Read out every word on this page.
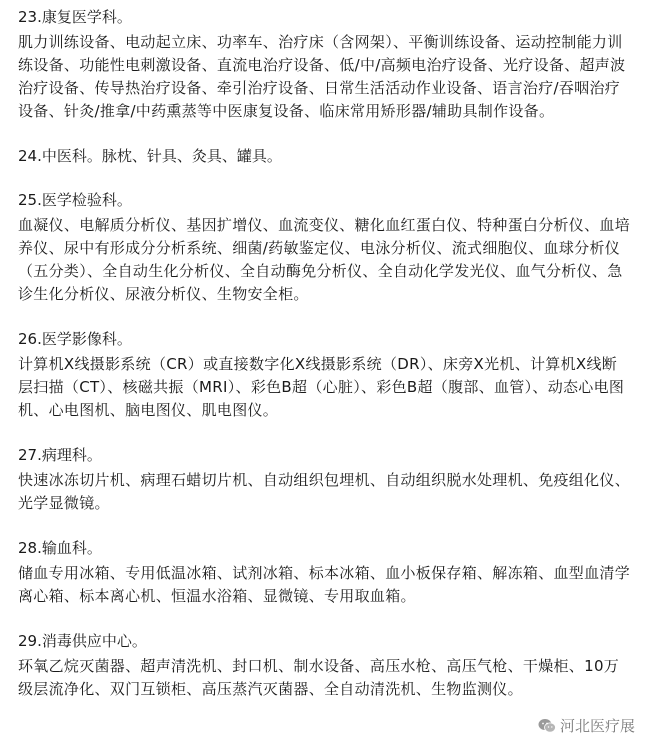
23.康复医学科。

肌力训练设备、电动起立床、功率车、治疗床（含网架）、平衡训练设备、运动控制能力训练设备、功能性电刺激设备、直流电治疗设备、低/中/高频电治疗设备、光疗设备、超声波治疗设备、传导热治疗设备、牵引治疗设备、日常生活活动作业设备、语言治疗/吞咽治疗设备、针灸/推拿/中药熏蒸等中医康复设备、临床常用矫形器/辅助具制作设备。

24.中医科。脉枕、针具、灸具、罐具。

25.医学检验科。

血凝仪、电解质分析仪、基因扩增仪、血流变仪、糖化血红蛋白仪、特种蛋白分析仪、血培养仪、尿中有形成分分析系统、细菌/药敏鉴定仪、电泳分析仪、流式细胞仪、血球分析仪（五分类）、全自动生化分析仪、全自动酶免分析仪、全自动化学发光仪、血气分析仪、急诊生化分析仪、尿液分析仪、生物安全柜。

26.医学影像科。

计算机X线摄影系统（CR）或直接数字化X线摄影系统（DR）、床旁X光机、计算机X线断层扫描（CT）、核磁共振（MRI）、彩色B超（心脏）、彩色B超（腹部、血管）、动态心电图机、心电图机、脑电图仪、肌电图仪。

27.病理科。

快速冰冻切片机、病理石蜡切片机、自动组织包埋机、自动组织脱水处理机、免疫组化仪、光学显微镜。

28.输血科。

储血专用冰箱、专用低温冰箱、试剂冰箱、标本冰箱、血小板保存箱、解冻箱、血型血清学离心箱、标本离心机、恒温水浴箱、显微镜、专用取血箱。

29.消毒供应中心。

环氧乙烷灭菌器、超声清洗机、封口机、制水设备、高压水枪、高压气枪、干燥柜、10万级层流净化、双门互锁柜、高压蒸汽灭菌器、全自动清洗机、生物监测仪。

河北医疗展
